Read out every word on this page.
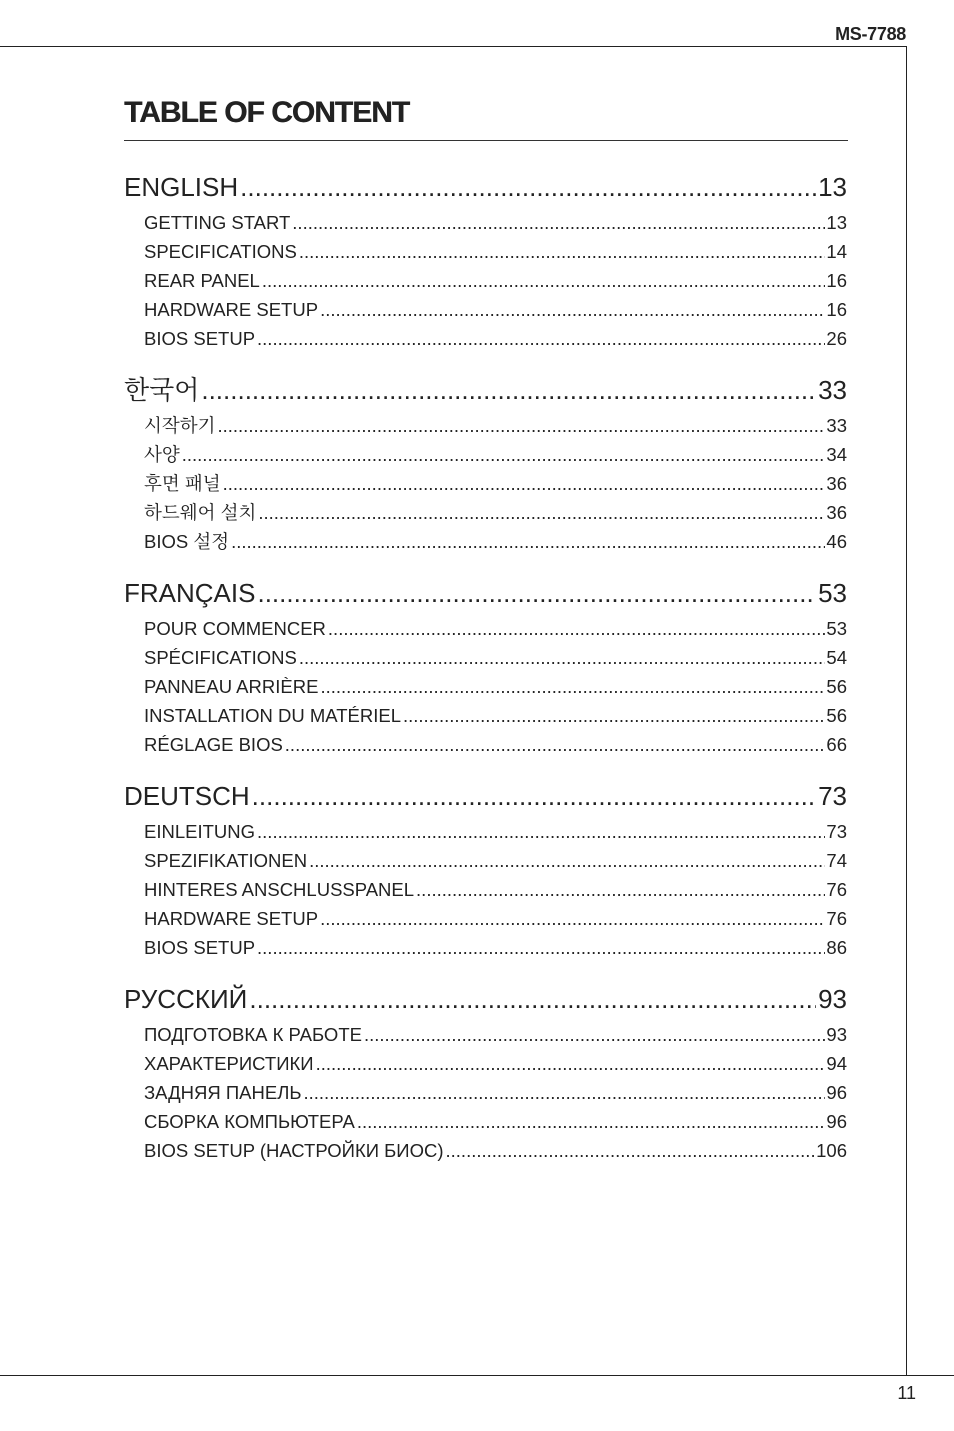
MS-7788
TABLE OF CONTENT
ENGLISH .....	13
GETTING START .....	13
SPECIFICATIONS .....	14
REAR PANEL .....	16
HARDWARE SETUP .....	16
BIOS SETUP .....	26
한국어 .....	33
시작하기 .....	33
사양 .....	34
후면 패널 .....	36
하드웨어 설치 .....	36
BIOS 설정 .....	46
FRANÇAIS .....	53
POUR COMMENCER .....	53
SPÉCIFICATIONS .....	54
PANNEAU ARRIÈRE .....	56
INSTALLATION DU MATÉRIEL .....	56
RÉGLAGE BIOS .....	66
DEUTSCH .....	73
EINLEITUNG .....	73
SPEZIFIKATIONEN .....	74
HINTERES ANSCHLUSSPANEL .....	76
HARDWARE SETUP .....	76
BIOS SETUP .....	86
РУССКИЙ .....	93
ПОДГОТОВКА К РАБОТЕ .....	93
ХАРАКТЕРИСТИКИ .....	94
ЗАДНЯЯ ПАНЕЛЬ .....	96
СБОРКА КОМПЬЮТЕРА .....	96
BIOS SETUP (НАСТРОЙКИ БИОС) .....	106
11
